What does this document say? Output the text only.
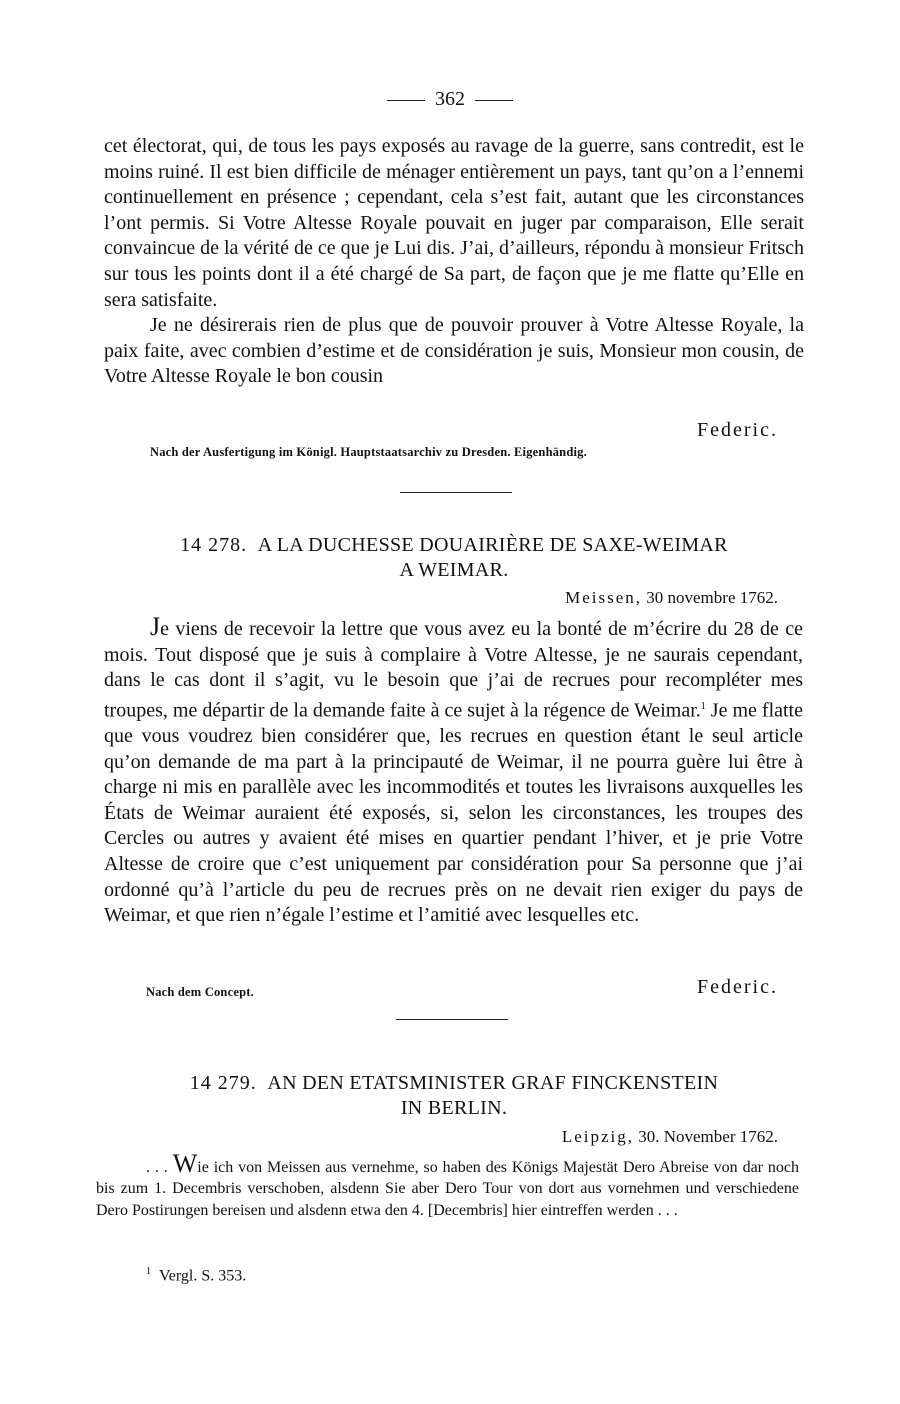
362

cet électorat, qui, de tous les pays exposés au ravage de la guerre, sans contredit, est le moins ruiné. Il est bien difficile de ménager entièrement un pays, tant qu’on a l’ennemi continuellement en présence ; cependant, cela s’est fait, autant que les circonstances l’ont permis. Si Votre Altesse Royale pouvait en juger par comparaison, Elle serait convaincue de la vérité de ce que je Lui dis. J’ai, d’ailleurs, répondu à monsieur Fritsch sur tous les points dont il a été chargé de Sa part, de façon que je me flatte qu’Elle en sera satisfaite.

Je ne désirerais rien de plus que de pouvoir prouver à Votre Altesse Royale, la paix faite, avec combien d’estime et de considération je suis, Monsieur mon cousin, de Votre Altesse Royale le bon cousin

Federic.
Nach der Ausfertigung im Königl. Hauptstaatsarchiv zu Dresden. Eigenhändig.
14 278. A LA DUCHESSE DOUAIRIÈRE DE SAXE-WEIMAR
A WEIMAR.
Meissen, 30 novembre 1762.

Je viens de recevoir la lettre que vous avez eu la bonté de m’écrire du 28 de ce mois. Tout disposé que je suis à complaire à Votre Altesse, je ne saurais cependant, dans le cas dont il s’agit, vu le besoin que j’ai de recrues pour recompléter mes troupes, me départir de la demande faite à ce sujet à la régence de Weimar.$^1$ Je me flatte que vous voudrez bien considérer que, les recrues en question étant le seul article qu’on demande de ma part à la principauté de Weimar, il ne pourra guère lui être à charge ni mis en parallèle avec les incommodités et toutes les livraisons auxquelles les États de Weimar auraient été exposés, si, selon les circonstances, les troupes des Cercles ou autres y avaient été mises en quartier pendant l’hiver, et je prie Votre Altesse de croire que c’est uniquement par considération pour Sa personne que j’ai ordonné qu’à l’article du peu de recrues près on ne devait rien exiger du pays de Weimar, et que rien n’égale l’estime et l’amitié avec lesquelles etc.

Nach dem Concept.	Federic.
14 279. AN DEN ETATSMINISTER GRAF FINCKENSTEIN
IN BERLIN.
Leipzig, 30. November 1762.

. . . Wie ich von Meissen aus vernehme, so haben des Königs Majestät Dero Abreise von dar noch bis zum 1. Decembris verschoben, alsdenn Sie aber Dero Tour von dort aus vornehmen und verschiedene Dero Postirungen bereisen und alsdenn etwa den 4. [Decembris] hier eintreffen werden . . .

$^1$ Vergl. S. 353.
